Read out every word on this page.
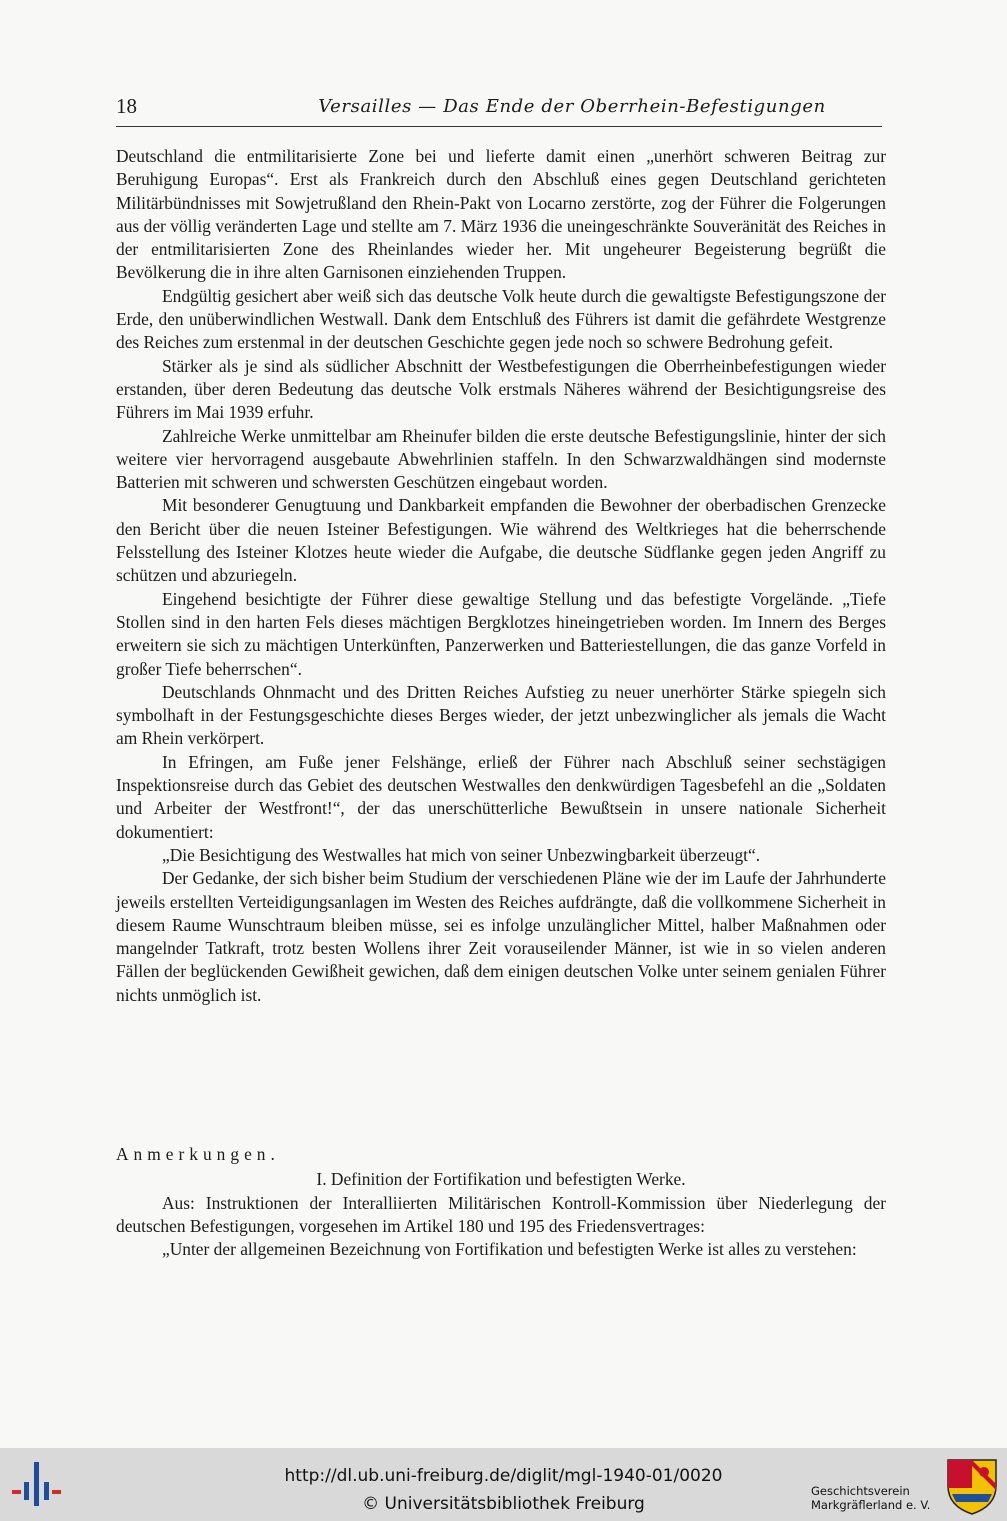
18	Versailles — Das Ende der Oberrhein-Befestigungen

Deutschland die entmilitarisierte Zone bei und lieferte damit einen „unerhört schweren Beitrag zur Beruhigung Europas“. Erst als Frankreich durch den Abschluß eines gegen Deutschland gerichteten Militärbündnisses mit Sowjetrußland den Rhein-Pakt von Locarno zerstörte, zog der Führer die Folgerungen aus der völlig veränderten Lage und stellte am 7. März 1936 die uneingeschränkte Souveränität des Reiches in der entmilitarisierten Zone des Rheinlandes wieder her. Mit ungeheurer Begeisterung begrüßt die Bevölkerung die in ihre alten Garnisonen einziehenden Truppen.

Endgültig gesichert aber weiß sich das deutsche Volk heute durch die gewaltigste Befestigungszone der Erde, den unüberwindlichen Westwall. Dank dem Entschluß des Führers ist damit die gefährdete Westgrenze des Reiches zum erstenmal in der deutschen Geschichte gegen jede noch so schwere Bedrohung gefeit.

Stärker als je sind als südlicher Abschnitt der Westbefestigungen die Oberrheinbefestigungen wieder erstanden, über deren Bedeutung das deutsche Volk erstmals Näheres während der Besichtigungsreise des Führers im Mai 1939 erfuhr.

Zahlreiche Werke unmittelbar am Rheinufer bilden die erste deutsche Befestigungslinie, hinter der sich weitere vier hervorragend ausgebaute Abwehrlinien staffeln. In den Schwarzwaldhängen sind modernste Batterien mit schweren und schwersten Geschützen eingebaut worden.

Mit besonderer Genugtuung und Dankbarkeit empfanden die Bewohner der oberbadischen Grenzecke den Bericht über die neuen Isteiner Befestigungen. Wie während des Weltkrieges hat die beherrschende Felsstellung des Isteiner Klotzes heute wieder die Aufgabe, die deutsche Südflanke gegen jeden Angriff zu schützen und abzuriegeln.

Eingehend besichtigte der Führer diese gewaltige Stellung und das befestigte Vorgelände. „Tiefe Stollen sind in den harten Fels dieses mächtigen Bergklotzes hineingetrieben worden. Im Innern des Berges erweitern sie sich zu mächtigen Unterkünften, Panzerwerken und Batteriestellungen, die das ganze Vorfeld in großer Tiefe beherrschen“.

Deutschlands Ohnmacht und des Dritten Reiches Aufstieg zu neuer unerhörter Stärke spiegeln sich symbolhaft in der Festungsgeschichte dieses Berges wieder, der jetzt unbezwinglicher als jemals die Wacht am Rhein verkörpert.

In Efringen, am Fuße jener Felshänge, erließ der Führer nach Abschluß seiner sechstägigen Inspektionsreise durch das Gebiet des deutschen Westwalles den denkwürdigen Tagesbefehl an die „Soldaten und Arbeiter der Westfront!“, der das unerschütterliche Bewußtsein in unsere nationale Sicherheit dokumentiert:

„Die Besichtigung des Westwalles hat mich von seiner Unbezwingbarkeit überzeugt“.

Der Gedanke, der sich bisher beim Studium der verschiedenen Pläne wie der im Laufe der Jahrhunderte jeweils erstellten Verteidigungsanlagen im Westen des Reiches aufdrängte, daß die vollkommene Sicherheit in diesem Raume Wunschtraum bleiben müsse, sei es infolge unzulänglicher Mittel, halber Maßnahmen oder mangelnder Tatkraft, trotz besten Wollens ihrer Zeit vorauseilender Männer, ist wie in so vielen anderen Fällen der beglückenden Gewißheit gewichen, daß dem einigen deutschen Volke unter seinem genialen Führer nichts unmöglich ist.

Anmerkungen.

I. Definition der Fortifikation und befestigten Werke.

Aus: Instruktionen der Interalliierten Militärischen Kontroll-Kommission über Niederlegung der deutschen Befestigungen, vorgesehen im Artikel 180 und 195 des Friedensvertrages:

„Unter der allgemeinen Bezeichnung von Fortifikation und befestigten Werke ist alles zu verstehen:

http://dl.ub.uni-freiburg.de/diglit/mgl-1940-01/0020
© Universitätsbibliothek Freiburg
Geschichtsverein
Markgräflerland e. V.
